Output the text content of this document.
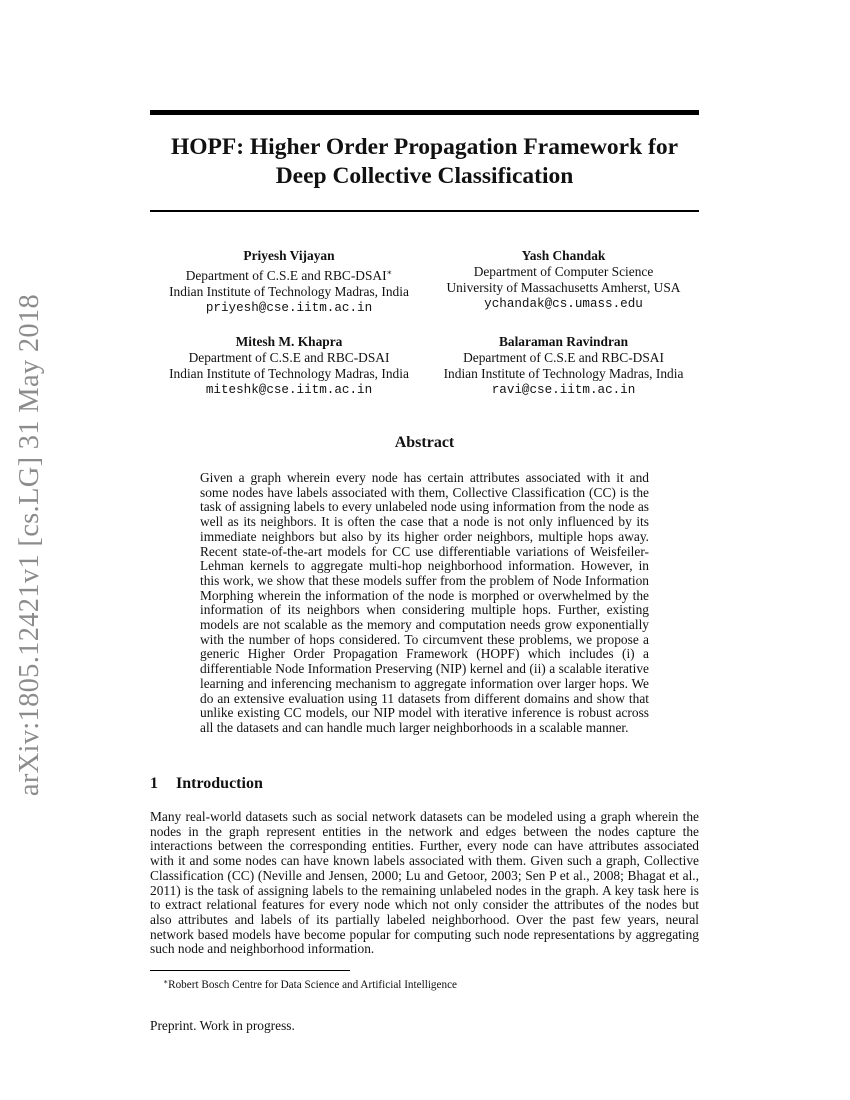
arXiv:1805.12421v1 [cs.LG] 31 May 2018
HOPF: Higher Order Propagation Framework for
Deep Collective Classification
Priyesh Vijayan
Department of C.S.E and RBC-DSAI∗
Indian Institute of Technology Madras, India
priyesh@cse.iitm.ac.in
Yash Chandak
Department of Computer Science
University of Massachusetts Amherst, USA
ychandak@cs.umass.edu
Mitesh M. Khapra
Department of C.S.E and RBC-DSAI
Indian Institute of Technology Madras, India
miteshk@cse.iitm.ac.in
Balaraman Ravindran
Department of C.S.E and RBC-DSAI
Indian Institute of Technology Madras, India
ravi@cse.iitm.ac.in
Abstract
Given a graph wherein every node has certain attributes associated with it and some nodes have labels associated with them, Collective Classification (CC) is the task of assigning labels to every unlabeled node using information from the node as well as its neighbors. It is often the case that a node is not only influenced by its immediate neighbors but also by its higher order neighbors, multiple hops away. Recent state-of-the-art models for CC use differentiable variations of Weisfeiler-Lehman kernels to aggregate multi-hop neighborhood information. However, in this work, we show that these models suffer from the problem of Node Information Morphing wherein the information of the node is morphed or overwhelmed by the information of its neighbors when considering multiple hops. Further, existing models are not scalable as the memory and computation needs grow exponentially with the number of hops considered. To circumvent these problems, we propose a generic Higher Order Propagation Framework (HOPF) which includes (i) a differentiable Node Information Preserving (NIP) kernel and (ii) a scalable iterative learning and inferencing mechanism to aggregate information over larger hops. We do an extensive evaluation using 11 datasets from different domains and show that unlike existing CC models, our NIP model with iterative inference is robust across all the datasets and can handle much larger neighborhoods in a scalable manner.
1 Introduction
Many real-world datasets such as social network datasets can be modeled using a graph wherein the nodes in the graph represent entities in the network and edges between the nodes capture the interactions between the corresponding entities. Further, every node can have attributes associated with it and some nodes can have known labels associated with them. Given such a graph, Collective Classification (CC) (Neville and Jensen, 2000; Lu and Getoor, 2003; Sen P et al., 2008; Bhagat et al., 2011) is the task of assigning labels to the remaining unlabeled nodes in the graph. A key task here is to extract relational features for every node which not only consider the attributes of the nodes but also attributes and labels of its partially labeled neighborhood. Over the past few years, neural network based models have become popular for computing such node representations by aggregating such node and neighborhood information.
∗Robert Bosch Centre for Data Science and Artificial Intelligence
Preprint. Work in progress.
